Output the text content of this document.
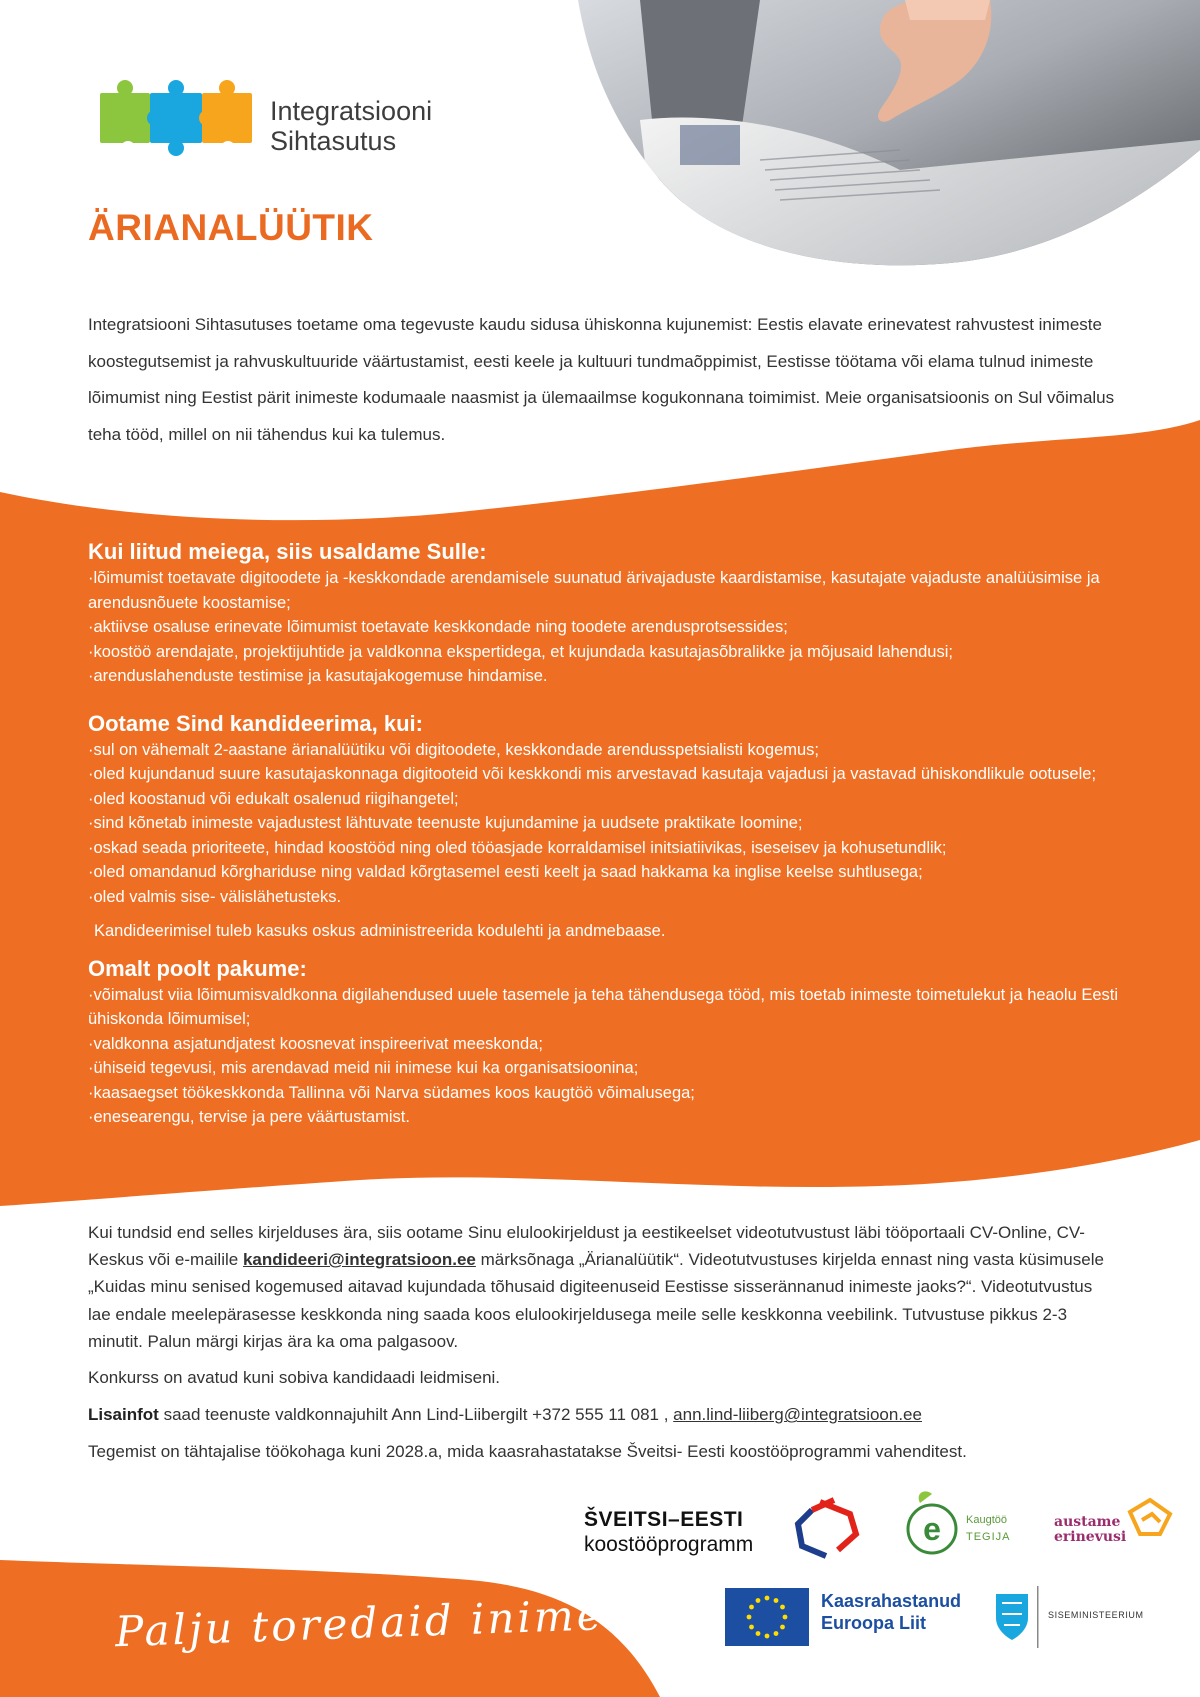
e
Integratsiooni
Sihtasutus
ÄRIANALÜÜTIK
Integratsiooni Sihtasutuses toetame oma tegevuste kaudu sidusa ühiskonna kujunemist: Eestis elavate erinevatest rahvustest inimeste koostegutsemist ja rahvuskultuuride väärtustamist, eesti keele ja kultuuri tundmaõppimist, Eestisse töötama või elama tulnud inimeste lõimumist ning Eestist pärit inimeste kodumaale naasmist ja ülemaailmse kogukonnana toimimist. Meie organisatsioonis on Sul võimalus teha tööd, millel on nii tähendus kui ka tulemus.
Kui liitud meiega, siis usaldame Sulle:
·lõimumist toetavate digitoodete ja -keskkondade arendamisele suunatud ärivajaduste kaardistamise, kasutajate vajaduste analüüsimise ja arendusnõuete koostamise;
·aktiivse osaluse erinevate lõimumist toetavate keskkondade ning toodete arendusprotsessides;
·koostöö arendajate, projektijuhtide ja valdkonna ekspertidega, et kujundada kasutajasõbralikke ja mõjusaid lahendusi;
·arenduslahenduste testimise ja kasutajakogemuse hindamise.
Ootame Sind kandideerima, kui:
·sul on vähemalt 2-aastane ärianalüütiku või digitoodete, keskkondade arendusspetsialisti kogemus;
·oled kujundanud suure kasutajaskonnaga digitooteid või keskkondi mis arvestavad kasutaja vajadusi ja vastavad ühiskondlikule ootusele;
·oled koostanud või edukalt osalenud riigihangetel;
·sind kõnetab inimeste vajadustest lähtuvate teenuste kujundamine ja uudsete praktikate loomine;
·oskad seada prioriteete, hindad koostööd ning oled tööasjade korraldamisel initsiatiivikas, iseseisev ja kohusetundlik;
·oled omandanud kõrghariduse ning valdad kõrgtasemel eesti keelt ja saad hakkama ka inglise keelse suhtlusega;
·oled valmis sise- välislähetusteks.
Kandideerimisel tuleb kasuks oskus administreerida kodulehti ja andmebaase.
Omalt poolt pakume:
·võimalust viia lõimumisvaldkonna digilahendused uuele tasemele ja teha tähendusega tööd, mis toetab inimeste toimetulekut ja heaolu Eesti ühiskonda lõimumisel;
·valdkonna asjatundjatest koosnevat inspireerivat meeskonda;
·ühiseid tegevusi, mis arendavad meid nii inimese kui ka organisatsioonina;
·kaasaegset töökeskkonda Tallinna või Narva südames koos kaugtöö võimalusega;
·enesearengu, tervise ja pere väärtustamist.

Kui tundsid end selles kirjelduses ära, siis ootame Sinu elulookirjeldust ja eestikeelset videotutvustust läbi tööportaali CV-Online, CV-Keskus või e-mailile kandideeri@integratsioon.ee märksõnaga „Ärianalüütik“. Videotutvustuses kirjelda ennast ning vasta küsimusele „Kuidas minu senised kogemused aitavad kujundada tõhusaid digiteenuseid Eestisse sisserännanud inimeste jaoks?“. Videotutvustus lae endale meelepärasesse keskkonda ning saada koos elulookirjeldusega meile selle keskkonna veebilink. Tutvustuse pikkus 2-3 minutit. Palun märgi kirjas ära ka oma palgasoov.

Konkurss on avatud kuni sobiva kandidaadi leidmiseni.

Lisainfot saad teenuste valdkonnajuhilt Ann Lind-Liibergilt +372 555 11 081 , ann.lind-liiberg@integratsioon.ee

Tegemist on tähtajalise töökohaga kuni 2028.a, mida kaasrahastatakse Šveitsi- Eesti koostööprogrammi vahenditest.

ŠVEITSI–EESTI
koostööprogramm
Kaugtöö
TEGIJA
austame
erinevusi
Kaasrahastanud
Euroopa Liit	SISEMINISTEERIUM
Palju toredaid inimesi
